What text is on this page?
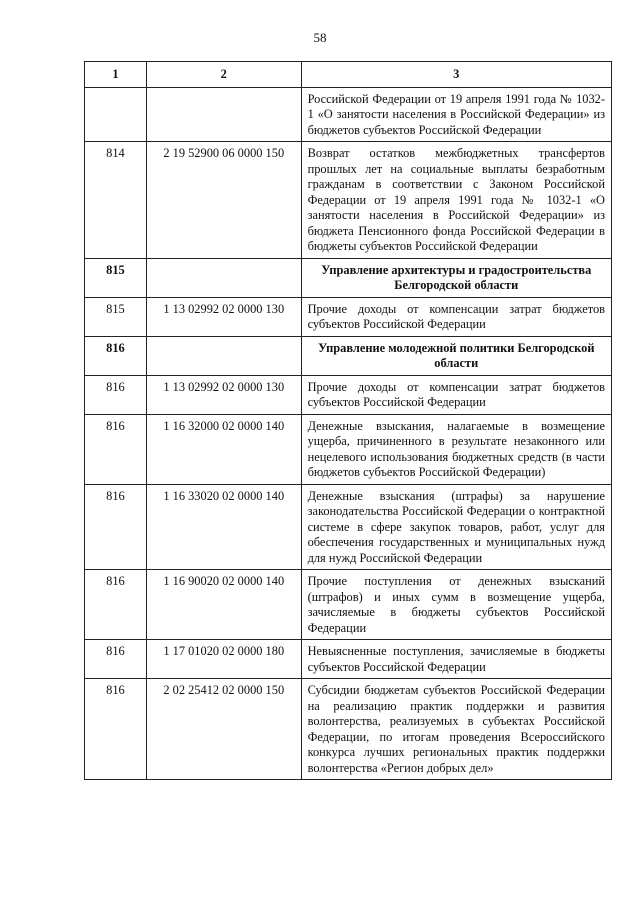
58
1	2	3
		Российской Федерации от 19 апреля 1991 года № 1032-1 «О занятости населения в Российской Федерации» из бюджетов субъектов Российской Федерации
814	2 19 52900 06 0000 150	Возврат остатков межбюджетных трансфертов прошлых лет на социальные выплаты безработным гражданам в соответствии с Законом Российской Федерации от 19 апреля 1991 года № 1032-1 «О занятости населения в Российской Федерации» из бюджета Пенсионного фонда Российской Федерации в бюджеты субъектов Российской Федерации
815		Управление архитектуры и градостроительства Белгородской области
815	1 13 02992 02 0000 130	Прочие доходы от компенсации затрат бюджетов субъектов Российской Федерации
816		Управление молодежной политики Белгородской области
816	1 13 02992 02 0000 130	Прочие доходы от компенсации затрат бюджетов субъектов Российской Федерации
816	1 16 32000 02 0000 140	Денежные взыскания, налагаемые в возмещение ущерба, причиненного в результате незаконного или нецелевого использования бюджетных средств (в части бюджетов субъектов Российской Федерации)
816	1 16 33020 02 0000 140	Денежные взыскания (штрафы) за нарушение законодательства Российской Федерации о контрактной системе в сфере закупок товаров, работ, услуг для обеспечения государственных и муниципальных нужд для нужд Российской Федерации
816	1 16 90020 02 0000 140	Прочие поступления от денежных взысканий (штрафов) и иных сумм в возмещение ущерба, зачисляемые в бюджеты субъектов Российской Федерации
816	1 17 01020 02 0000 180	Невыясненные поступления, зачисляемые в бюджеты субъектов Российской Федерации
816	2 02 25412 02 0000 150	Субсидии бюджетам субъектов Российской Федерации на реализацию практик поддержки и развития волонтерства, реализуемых в субъектах Российской Федерации, по итогам проведения Всероссийского конкурса лучших региональных практик поддержки волонтерства «Регион добрых дел»
